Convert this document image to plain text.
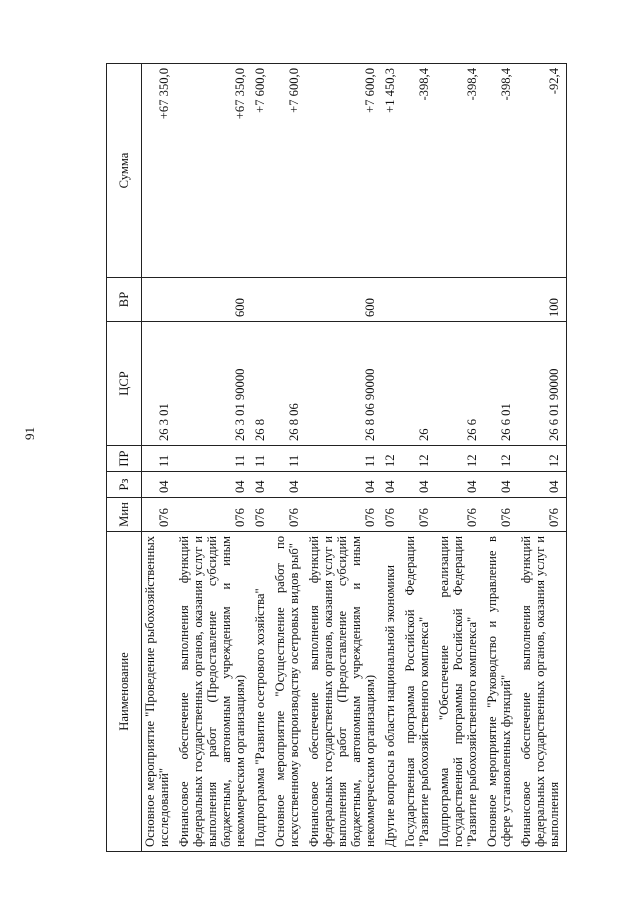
91
Наименование	Мин	Рз	ПР	ЦСР	ВР	Сумма
Основное мероприятие "Проведение рыбохозяйственных исследований"	076	04	11	26 3 01		+67 350,0
Финансовое обеспечение выполнения функций федеральных государственных органов, оказания услуг и выполнения работ (Предоставление субсидий бюджетным, автономным учреждениям и иным некоммерческим организациям)	076	04	11	26 3 01 90000	600	+67 350,0
Подпрограмма "Развитие осетрового хозяйства"	076	04	11	26 8		+7 600,0
Основное мероприятие "Осуществление работ по искусственному воспроизводству осетровых видов рыб"	076	04	11	26 8 06		+7 600,0
Финансовое обеспечение выполнения функций федеральных государственных органов, оказания услуг и выполнения работ (Предоставление субсидий бюджетным, автономным учреждениям и иным некоммерческим организациям)	076	04	11	26 8 06 90000	600	+7 600,0
Другие вопросы в области национальной экономики	076	04	12			+1 450,3
Государственная программа Российской Федерации "Развитие рыбохозяйственного комплекса"	076	04	12	26		-398,4
Подпрограмма "Обеспечение реализации государственной программы Российской Федерации "Развитие рыбохозяйственного комплекса"	076	04	12	26 6		-398,4
Основное мероприятие "Руководство и управление в сфере установленных функций"	076	04	12	26 6 01		-398,4
Финансовое обеспечение выполнения функций федеральных государственных органов, оказания услуг и выполнения	076	04	12	26 6 01 90000	100	-92,4
